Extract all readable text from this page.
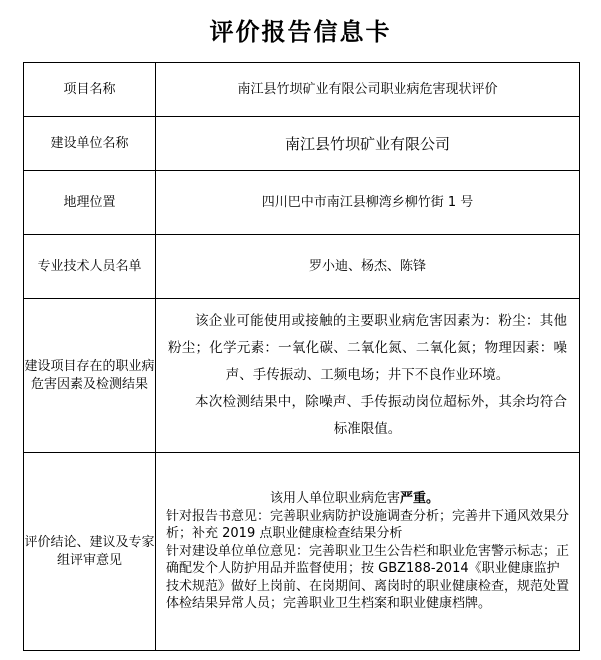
评价报告信息卡
项目名称	南江县竹坝矿业有限公司职业病危害现状评价
建设单位名称	南江县竹坝矿业有限公司
地理位置	四川巴中市南江县柳湾乡柳竹街 1 号
专业技术人员名单	罗小迪、杨杰、陈锋
建设项目存在的职业病危害因素及检测结果	该企业可能使用或接触的主要职业病危害因素为：粉尘：其他粉尘；化学元素：一氧化碳、二氧化氮、二氧化氮；物理因素：噪声、手传振动、工频电场；井下不良作业环境。

本次检测结果中，除噪声、手传振动岗位超标外，其余均符合标准限值。

评价结论、建议及专家组评审意见	该用人单位职业病危害严重。

针对报告书意见：完善职业病防护设施调查分析；完善井下通风效果分析；补充 2019 点职业健康检查结果分析

针对建设单位单位意见：完善职业卫生公告栏和职业危害警示标志；正确配发个人防护用品并监督使用；按 GBZ188-2014《职业健康监护技术规范》做好上岗前、在岗期间、离岗时的职业健康检查，规范处置体检结果异常人员；完善职业卫生档案和职业健康档牌。
